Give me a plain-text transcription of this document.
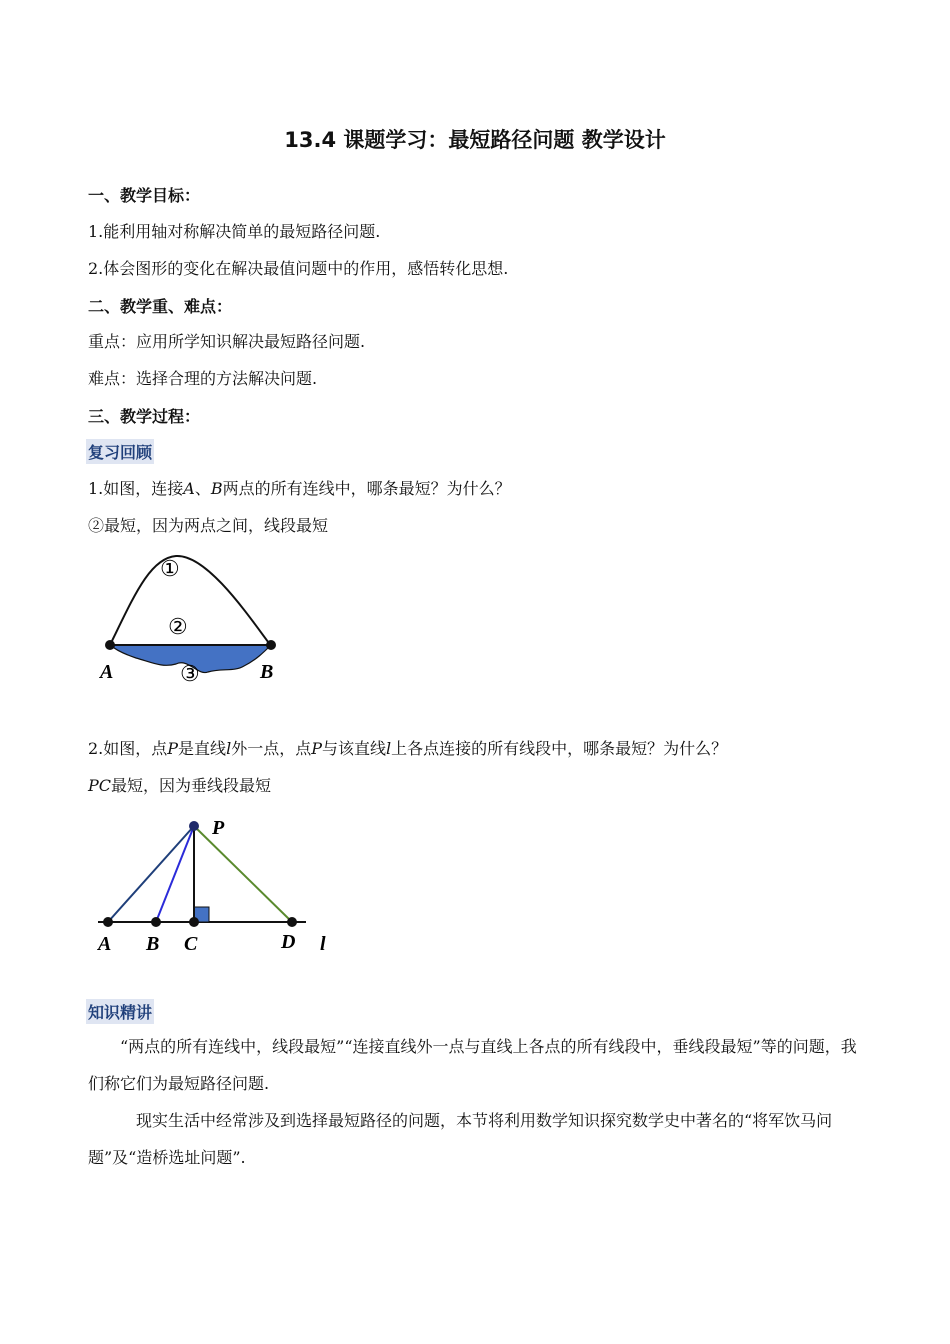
13.4 课题学习：最短路径问题 教学设计
一、教学目标：
1.能利用轴对称解决简单的最短路径问题.
2.体会图形的变化在解决最值问题中的作用，感悟转化思想.
二、教学重、难点：
重点：应用所学知识解决最短路径问题.
难点：选择合理的方法解决问题.
三、教学过程：
复习回顾
1.如图，连接A、B两点的所有连线中，哪条最短？为什么？
②最短，因为两点之间，线段最短
①
②
③
A	B
2.如图，点P是直线l外一点，点P与该直线l上各点连接的所有线段中，哪条最短？为什么？
PC最短，因为垂线段最短
P
A B C	D l
知识精讲
“两点的所有连线中，线段最短”“连接直线外一点与直线上各点的所有线段中，垂线段最短”等的问题，我们称它们为最短路径问题.
现实生活中经常涉及到选择最短路径的问题，本节将利用数学知识探究数学史中著名的“将军饮马问题”及“造桥选址问题”.
